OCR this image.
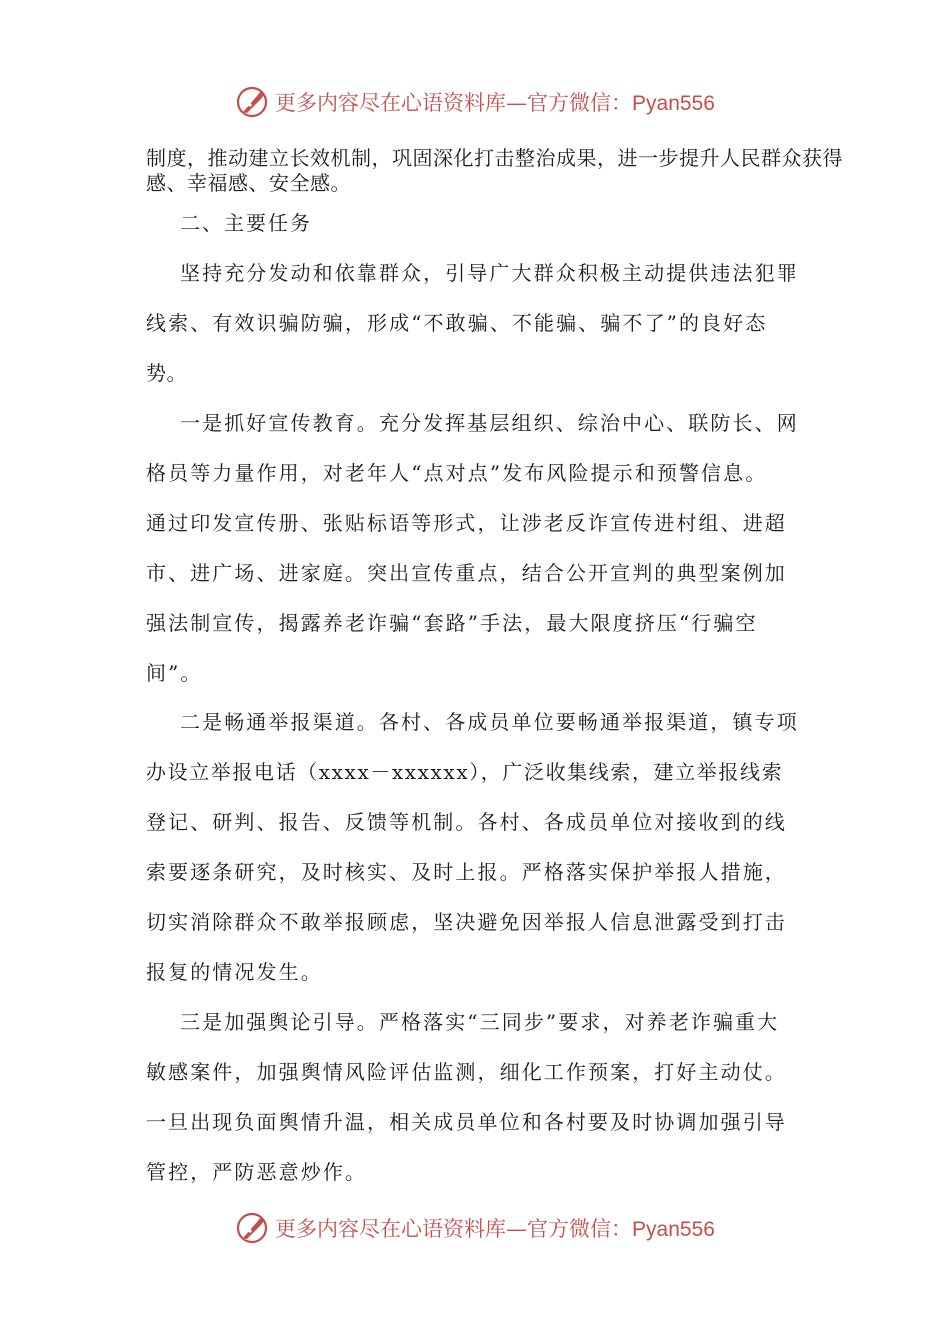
更多内容尽在心语资料库—官方微信：Pyan556
制度，推动建立长效机制，巩固深化打击整治成果，进一步提升人民群众获得
感、幸福感、安全感。
二、主要任务
坚持充分发动和依靠群众，引导广大群众积极主动提供违法犯罪
线索、有效识骗防骗，形成“不敢骗、不能骗、骗不了”的良好态
势。
一是抓好宣传教育。充分发挥基层组织、综治中心、联防长、网
格员等力量作用，对老年人“点对点”发布风险提示和预警信息。
通过印发宣传册、张贴标语等形式，让涉老反诈宣传进村组、进超
市、进广场、进家庭。突出宣传重点，结合公开宣判的典型案例加
强法制宣传，揭露养老诈骗“套路”手法，最大限度挤压“行骗空
间”。
二是畅通举报渠道。各村、各成员单位要畅通举报渠道，镇专项
办设立举报电话（xxxx－xxxxxx），广泛收集线索，建立举报线索
登记、研判、报告、反馈等机制。各村、各成员单位对接收到的线
索要逐条研究，及时核实、及时上报。严格落实保护举报人措施，
切实消除群众不敢举报顾虑，坚决避免因举报人信息泄露受到打击
报复的情况发生。
三是加强舆论引导。严格落实“三同步”要求，对养老诈骗重大
敏感案件，加强舆情风险评估监测，细化工作预案，打好主动仗。
一旦出现负面舆情升温，相关成员单位和各村要及时协调加强引导
管控，严防恶意炒作。
更多内容尽在心语资料库—官方微信：Pyan556
